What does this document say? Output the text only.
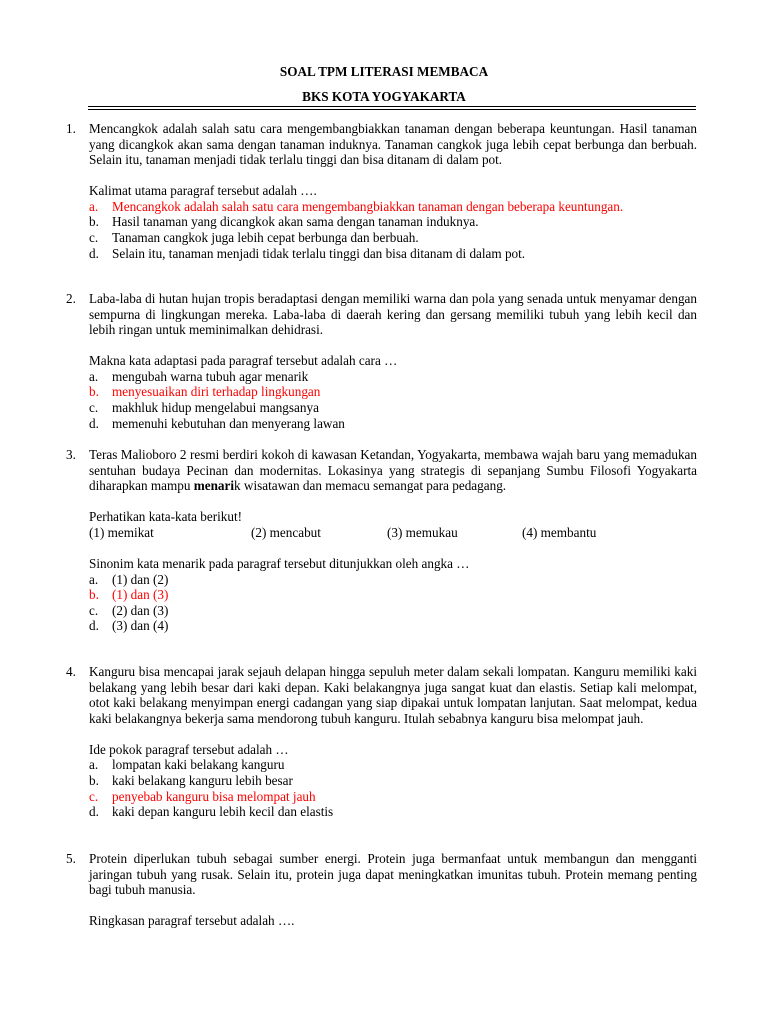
SOAL TPM LITERASI MEMBACA
BKS KOTA YOGYAKARTA
1. Mencangkok adalah salah satu cara mengembangbiakkan tanaman dengan beberapa keuntungan. Hasil tanaman yang dicangkok akan sama dengan tanaman induknya. Tanaman cangkok juga lebih cepat berbunga dan berbuah. Selain itu, tanaman menjadi tidak terlalu tinggi dan bisa ditanam di dalam pot.
Kalimat utama paragraf tersebut adalah ….
a. Mencangkok adalah salah satu cara mengembangbiakkan tanaman dengan beberapa keuntungan.
b. Hasil tanaman yang dicangkok akan sama dengan tanaman induknya.
c. Tanaman cangkok juga lebih cepat berbunga dan berbuah.
d. Selain itu, tanaman menjadi tidak terlalu tinggi dan bisa ditanam di dalam pot.
2. Laba-laba di hutan hujan tropis beradaptasi dengan memiliki warna dan pola yang senada untuk menyamar dengan sempurna di lingkungan mereka. Laba-laba di daerah kering dan gersang memiliki tubuh yang lebih kecil dan lebih ringan untuk meminimalkan dehidrasi.
Makna kata adaptasi pada paragraf tersebut adalah cara …
a. mengubah warna tubuh agar menarik
b. menyesuaikan diri terhadap lingkungan
c. makhluk hidup mengelabui mangsanya
d. memenuhi kebutuhan dan menyerang lawan
3. Teras Malioboro 2 resmi berdiri kokoh di kawasan Ketandan, Yogyakarta, membawa wajah baru yang memadukan sentuhan budaya Pecinan dan modernitas. Lokasinya yang strategis di sepanjang Sumbu Filosofi Yogyakarta diharapkan mampu menarik wisatawan dan memacu semangat para pedagang.
Perhatikan kata-kata berikut!
(1) memikat	(2) mencabut	(3) memukau	(4) membantu
Sinonim kata menarik pada paragraf tersebut ditunjukkan oleh angka …
a. (1) dan (2)
b. (1) dan (3)
c. (2) dan (3)
d. (3) dan (4)
4. Kanguru bisa mencapai jarak sejauh delapan hingga sepuluh meter dalam sekali lompatan. Kanguru memiliki kaki belakang yang lebih besar dari kaki depan. Kaki belakangnya juga sangat kuat dan elastis. Setiap kali melompat, otot kaki belakang menyimpan energi cadangan yang siap dipakai untuk lompatan lanjutan. Saat melompat, kedua kaki belakangnya bekerja sama mendorong tubuh kanguru. Itulah sebabnya kanguru bisa melompat jauh.
Ide pokok paragraf tersebut adalah …
a. lompatan kaki belakang kanguru
b. kaki belakang kanguru lebih besar
c. penyebab kanguru bisa melompat jauh
d. kaki depan kanguru lebih kecil dan elastis
5. Protein diperlukan tubuh sebagai sumber energi. Protein juga bermanfaat untuk membangun dan mengganti jaringan tubuh yang rusak. Selain itu, protein juga dapat meningkatkan imunitas tubuh. Protein memang penting bagi tubuh manusia.
Ringkasan paragraf tersebut adalah ….
